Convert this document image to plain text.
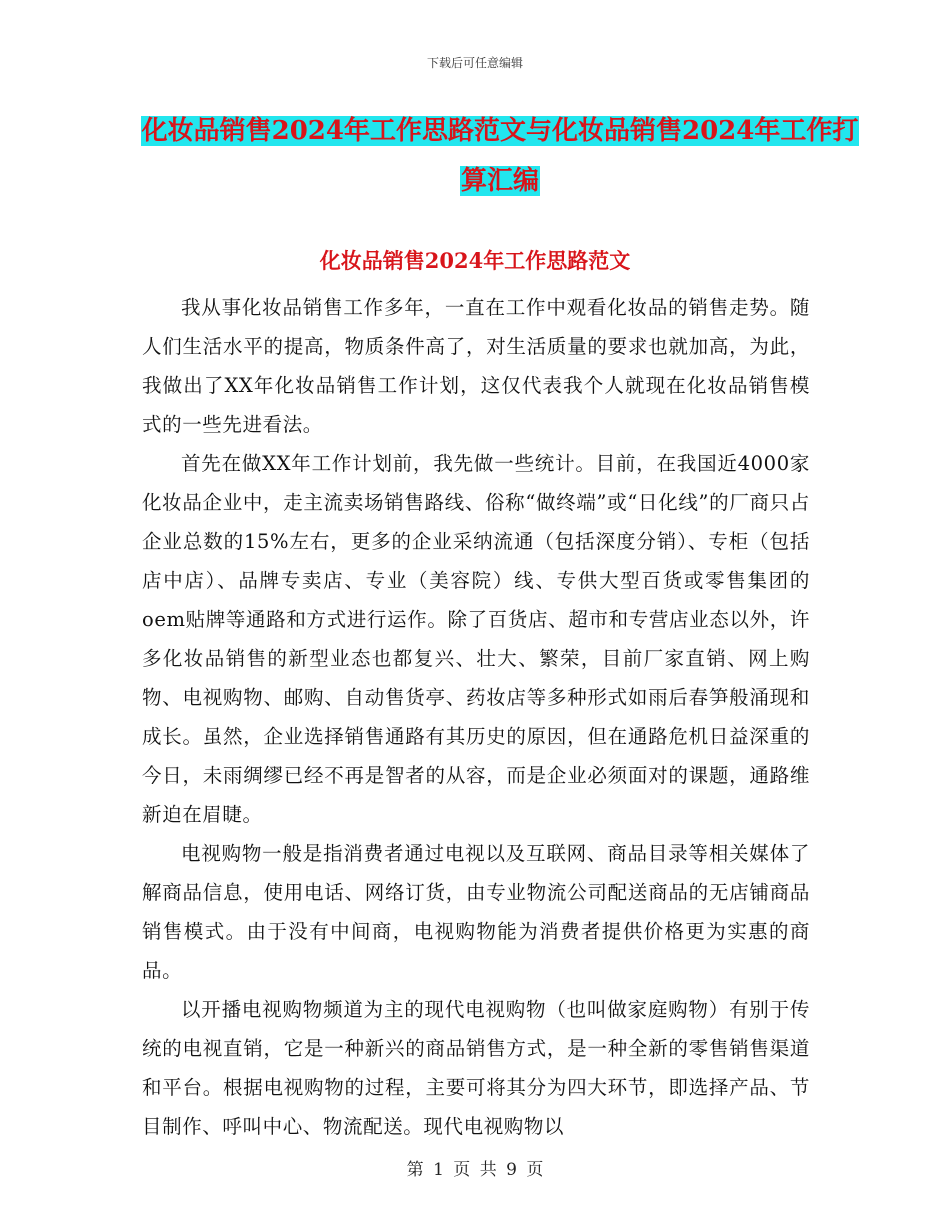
下载后可任意编辑
化妆品销售2024年工作思路范文与化妆品销售2024年工作打算汇编
化妆品销售2024年工作思路范文

我从事化妆品销售工作多年，一直在工作中观看化妆品的销售走势。随人们生活水平的提高，物质条件高了，对生活质量的要求也就加高，为此，我做出了XX年化妆品销售工作计划，这仅代表我个人就现在化妆品销售模式的一些先进看法。

首先在做XX年工作计划前，我先做一些统计。目前，在我国近4000家化妆品企业中，走主流卖场销售路线、俗称“做终端”或“日化线”的厂商只占企业总数的15%左右，更多的企业采纳流通（包括深度分销）、专柜（包括店中店）、品牌专卖店、专业（美容院）线、专供大型百货或零售集团的oem贴牌等通路和方式进行运作。除了百货店、超市和专营店业态以外，许多化妆品销售的新型业态也都复兴、壮大、繁荣，目前厂家直销、网上购物、电视购物、邮购、自动售货亭、药妆店等多种形式如雨后春笋般涌现和成长。虽然，企业选择销售通路有其历史的原因，但在通路危机日益深重的今日，未雨绸缪已经不再是智者的从容，而是企业必须面对的课题，通路维新迫在眉睫。

电视购物一般是指消费者通过电视以及互联网、商品目录等相关媒体了解商品信息，使用电话、网络订货，由专业物流公司配送商品的无店铺商品销售模式。由于没有中间商，电视购物能为消费者提供价格更为实惠的商品。

以开播电视购物频道为主的现代电视购物（也叫做家庭购物）有别于传统的电视直销，它是一种新兴的商品销售方式，是一种全新的零售销售渠道和平台。根据电视购物的过程，主要可将其分为四大环节，即选择产品、节目制作、呼叫中心、物流配送。现代电视购物以

第 1 页 共 9 页
